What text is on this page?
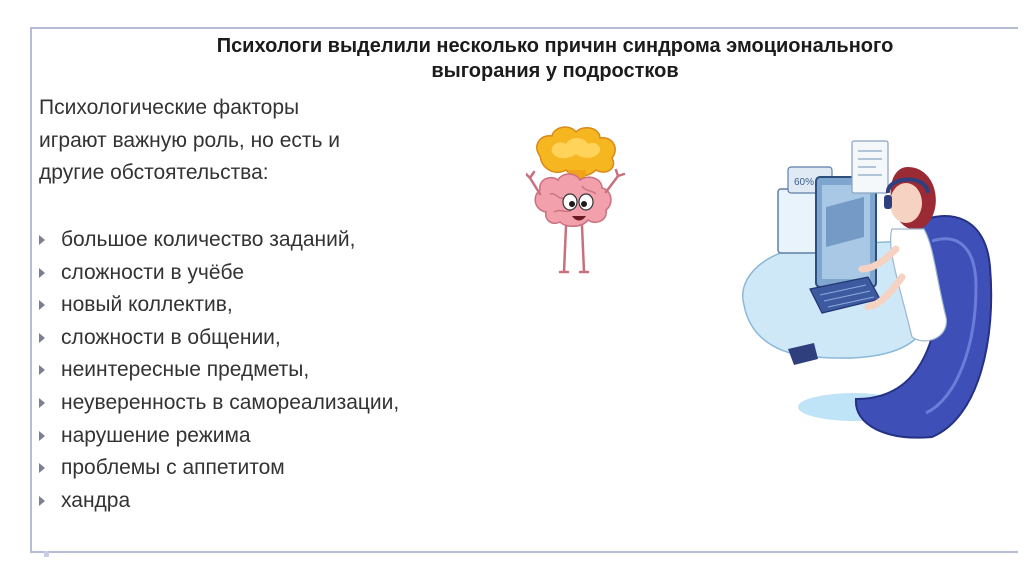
Психологи выделили несколько причин синдрома эмоционального
выгорания у подростков
Психологические факторы
играют важную роль, но есть и
другие обстоятельства:
большое количество заданий,
сложности в учёбе
новый коллектив,
сложности в общении,
неинтересные предметы,
неуверенность в самореализации,
нарушение режима
проблемы с аппетитом
хандра
60%
